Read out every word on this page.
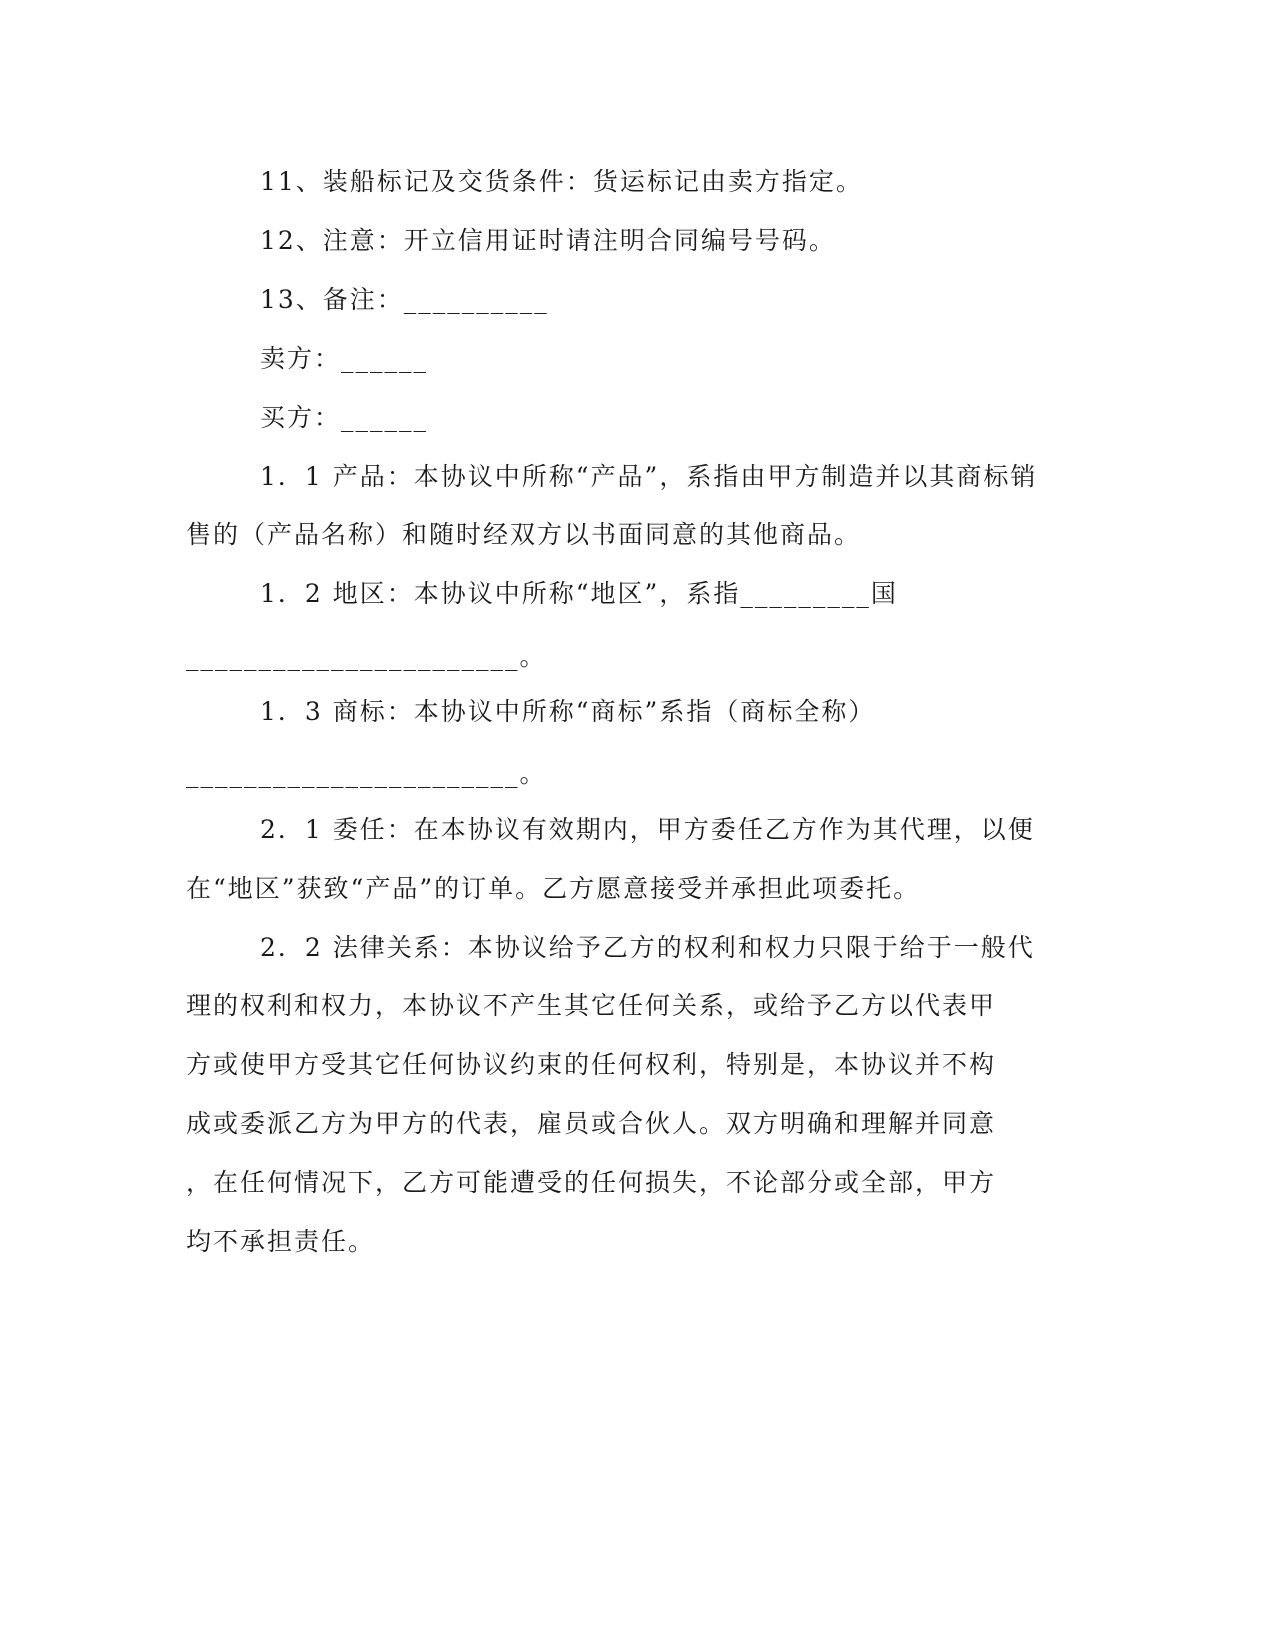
11、装船标记及交货条件：货运标记由卖方指定。
12、注意：开立信用证时请注明合同编号号码。
13、备注：__________
卖方：______
买方：______
1．1 产品：本协议中所称“产品”，系指由甲方制造并以其商标销
售的（产品名称）和随时经双方以书面同意的其他商品。
1．2 地区：本协议中所称“地区”，系指_________国
_______________________。
1．3 商标：本协议中所称“商标”系指（商标全称）
_______________________。
2．1 委任：在本协议有效期内，甲方委任乙方作为其代理，以便
在“地区”获致“产品”的订单。乙方愿意接受并承担此项委托。
2．2 法律关系：本协议给予乙方的权利和权力只限于给于一般代
理的权利和权力，本协议不产生其它任何关系，或给予乙方以代表甲
方或使甲方受其它任何协议约束的任何权利，特别是，本协议并不构
成或委派乙方为甲方的代表，雇员或合伙人。双方明确和理解并同意
，在任何情况下，乙方可能遭受的任何损失，不论部分或全部，甲方
均不承担责任。
